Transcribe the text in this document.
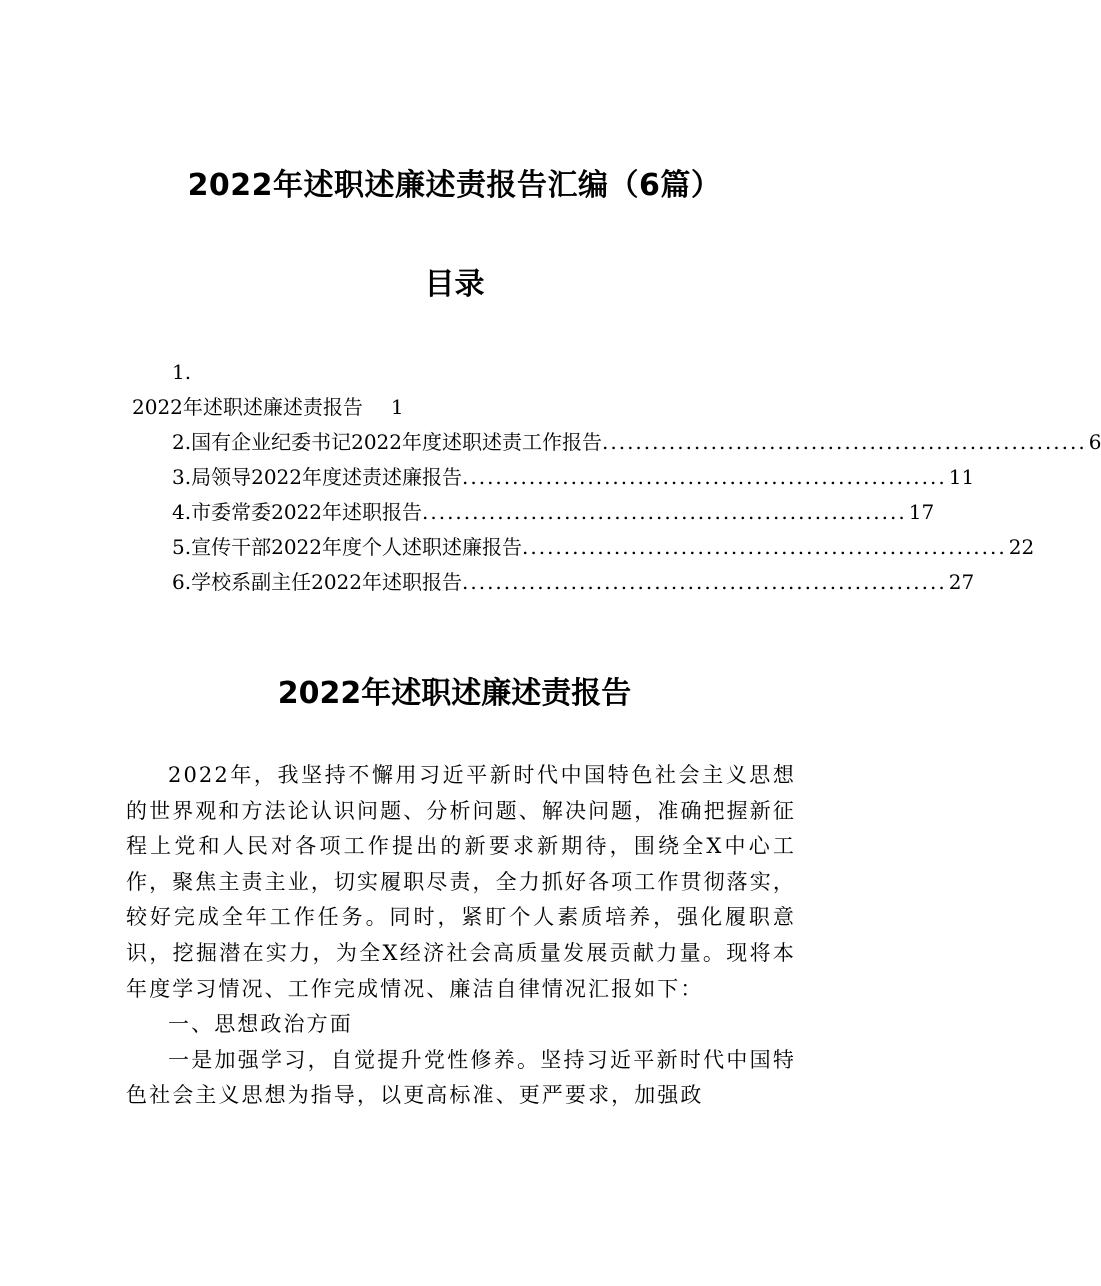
2022年述职述廉述责报告汇编（6篇）
目录
1.
2022年述职述廉述责报告 1
2. 国有企业纪委书记2022年度述职述责工作报告 .......................................................... 6
3. 局领导2022年度述责述廉报告 .......................................................... 11
4. 市委常委2022年述职报告 .......................................................... 17
5. 宣传干部2022年度个人述职述廉报告 .......................................................... 22
6. 学校系副主任2022年述职报告 .......................................................... 27
2022年述职述廉述责报告

2022年，我坚持不懈用习近平新时代中国特色社会主义思想的世界观和方法论认识问题、分析问题、解决问题，准确把握新征程上党和人民对各项工作提出的新要求新期待，围绕全X中心工作，聚焦主责主业，切实履职尽责，全力抓好各项工作贯彻落实，较好完成全年工作任务。同时，紧盯个人素质培养，强化履职意识，挖掘潜在实力，为全X经济社会高质量发展贡献力量。现将本年度学习情况、工作完成情况、廉洁自律情况汇报如下：

一、思想政治方面

一是加强学习，自觉提升党性修养。坚持习近平新时代中国特色社会主义思想为指导，以更高标准、更严要求，加强政
